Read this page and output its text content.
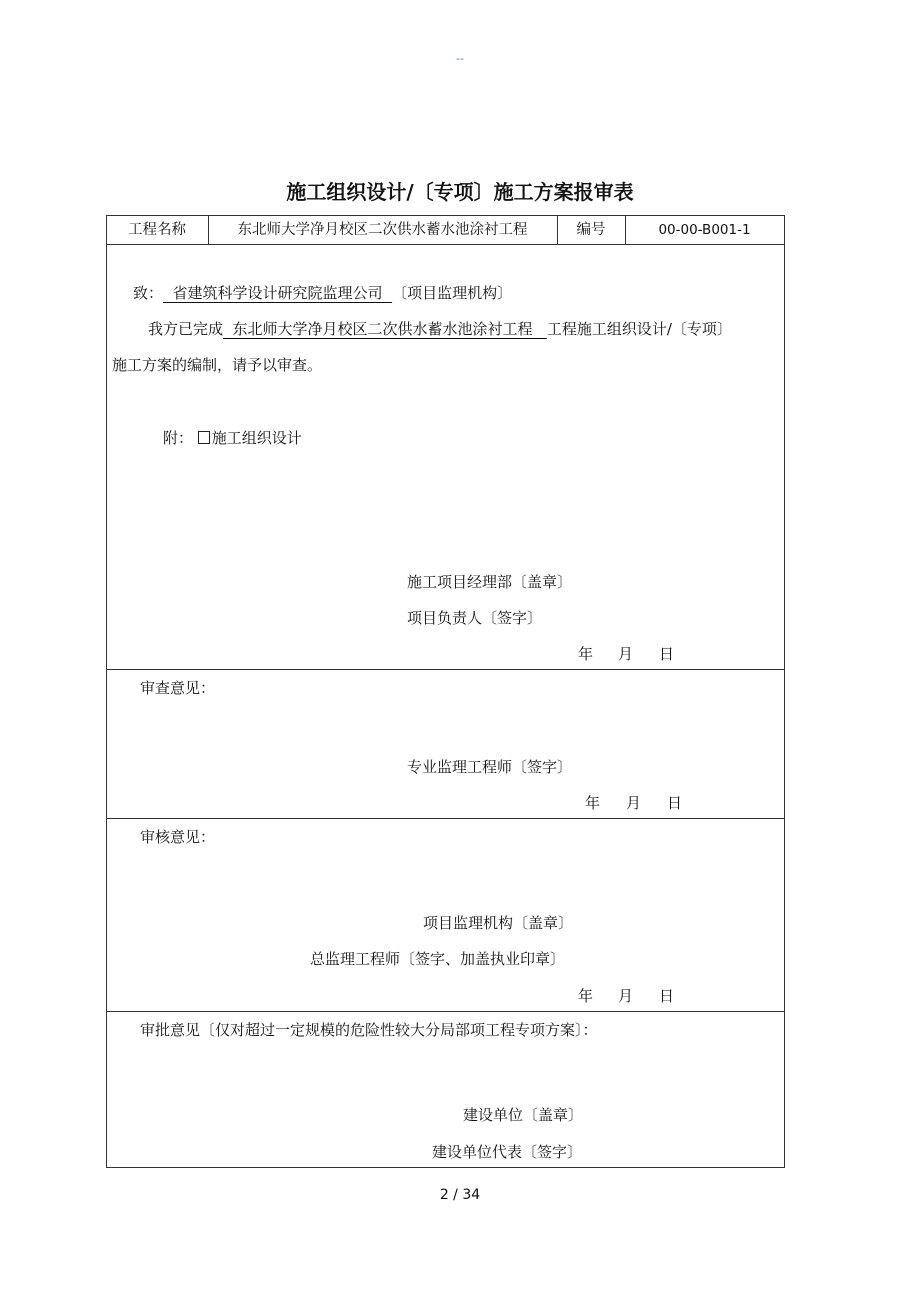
--
施工组织设计/〔专项〕施工方案报审表
工程名称	东北师大学净月校区二次供水蓄水池涂衬工程	编号	00-00-B001-1
致：  省建筑科学设计研究院监理公司  〔项目监理机构〕
我方已完成  东北师大学净月校区二次供水蓄水池涂衬工程   工程施工组织设计/〔专项〕
施工方案的编制，请予以审查。
附： 施工组织设计
施工项目经理部〔盖章〕
项目负责人〔签字〕
年 月 日
审查意见：
专业监理工程师〔签字〕
年 月 日
审核意见：
项目监理机构〔盖章〕
总监理工程师〔签字、加盖执业印章〕
年 月 日
审批意见〔仅对超过一定规模的危险性较大分局部项工程专项方案〕：
建设单位〔盖章〕
建设单位代表〔签字〕
2 / 34
